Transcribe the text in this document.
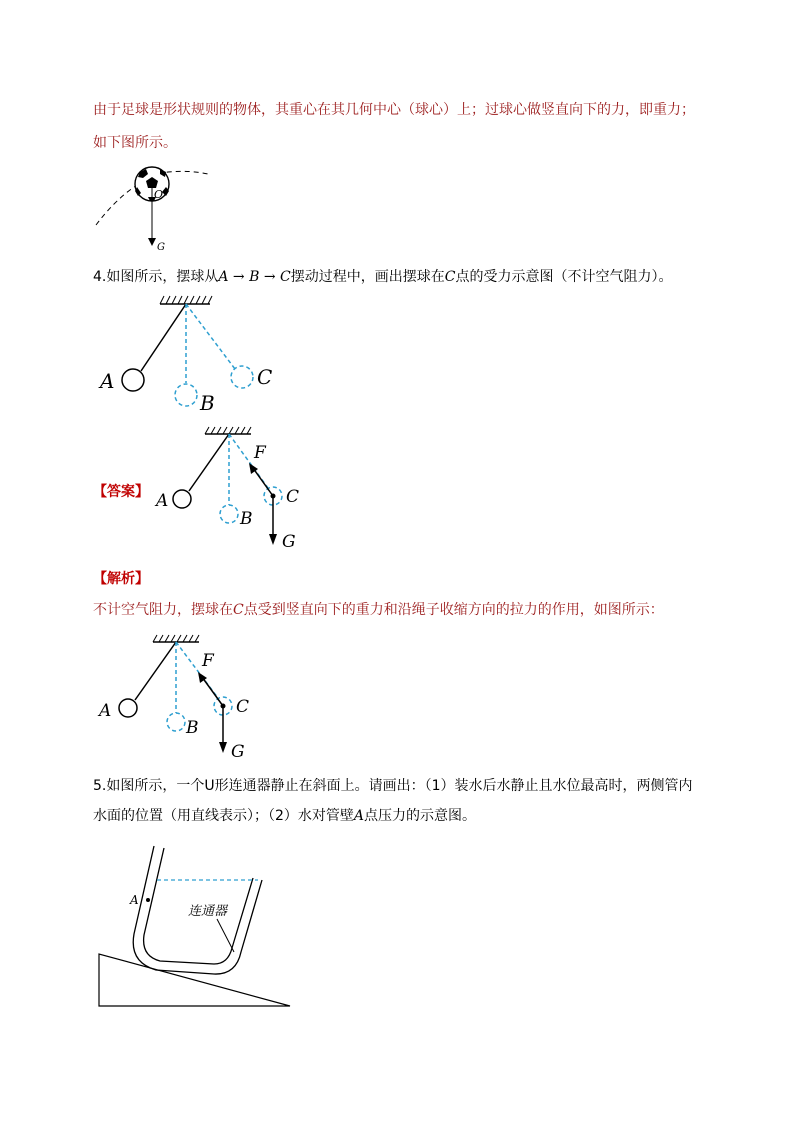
由于足球是形状规则的物体，其重心在其几何中心（球心）上；过球心做竖直向下的力，即重力；
如下图所示。
O
G
4.如图所示，摆球从A → B → C摆动过程中，画出摆球在C点的受力示意图（不计空气阻力）。
A
B
C
【答案】 A
B
C
F
G
【解析】
不计空气阻力，摆球在C点受到竖直向下的重力和沿绳子收缩方向的拉力的作用，如图所示：
A
B
C
F
G
5.如图所示，一个U形连通器静止在斜面上。请画出：（1）装水后水静止且水位最高时，两侧管内
水面的位置（用直线表示）；（2）水对管壁A点压力的示意图。
A
连通器
